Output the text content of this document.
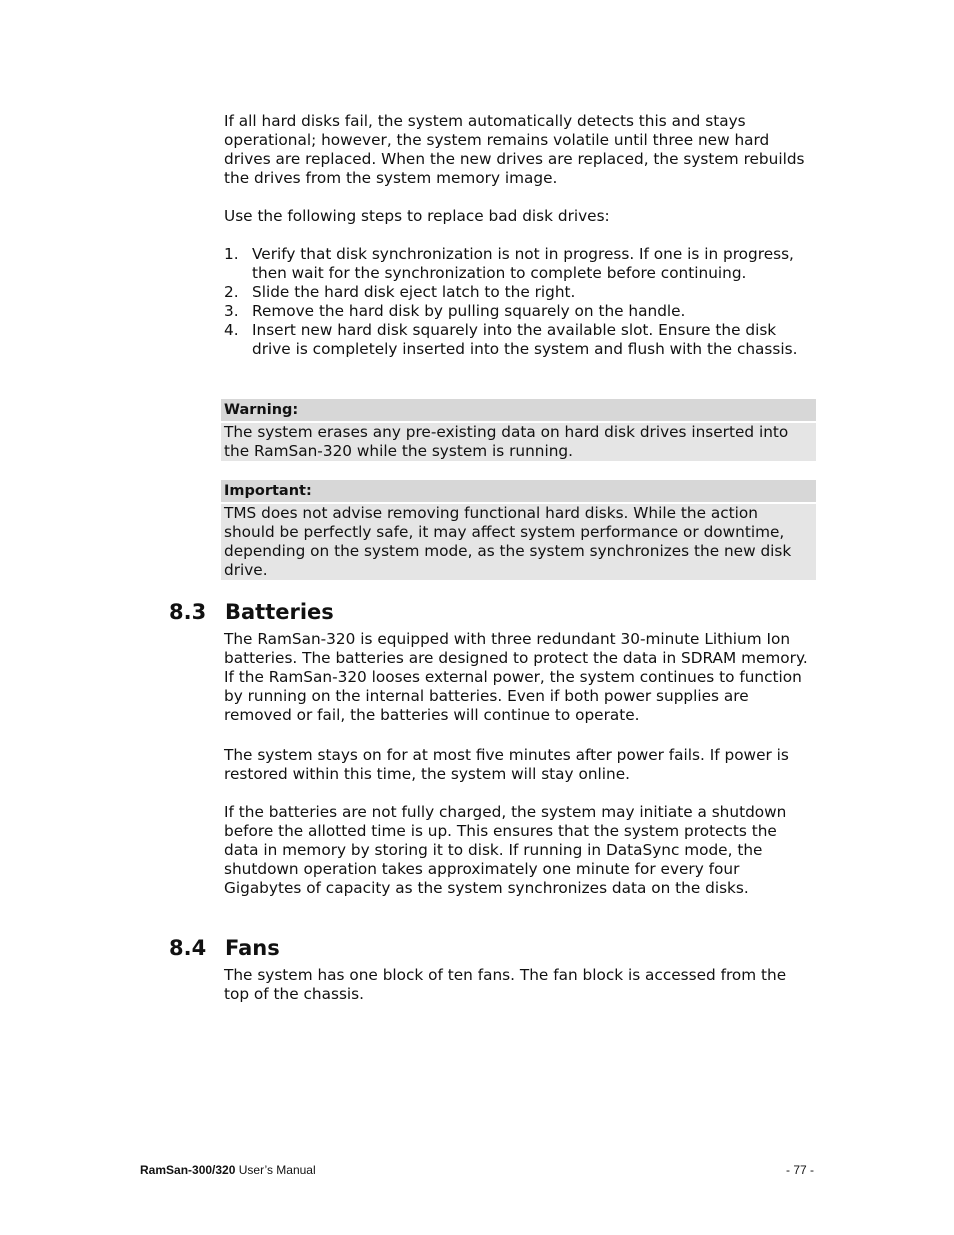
If all hard disks fail, the system automatically detects this and stays operational; however, the system remains volatile until three new hard drives are replaced. When the new drives are replaced, the system rebuilds the drives from the system memory image.

Use the following steps to replace bad disk drives:

1. Verify that disk synchronization is not in progress. If one is in progress, then wait for the synchronization to complete before continuing.
2. Slide the hard disk eject latch to the right.
3. Remove the hard disk by pulling squarely on the handle.
4. Insert new hard disk squarely into the available slot. Ensure the disk drive is completely inserted into the system and flush with the chassis.
Warning:
The system erases any pre-existing data on hard disk drives inserted into the RamSan-320 while the system is running.
Important:
TMS does not advise removing functional hard disks. While the action should be perfectly safe, it may affect system performance or downtime, depending on the system mode, as the system synchronizes the new disk drive.
8.3 Batteries

The RamSan-320 is equipped with three redundant 30-minute Lithium Ion batteries. The batteries are designed to protect the data in SDRAM memory. If the RamSan-320 looses external power, the system continues to function by running on the internal batteries. Even if both power supplies are removed or fail, the batteries will continue to operate.

The system stays on for at most five minutes after power fails. If power is restored within this time, the system will stay online.

If the batteries are not fully charged, the system may initiate a shutdown before the allotted time is up. This ensures that the system protects the data in memory by storing it to disk. If running in DataSync mode, the shutdown operation takes approximately one minute for every four Gigabytes of capacity as the system synchronizes data on the disks.

8.4 Fans

The system has one block of ten fans. The fan block is accessed from the top of the chassis.

RamSan-300/320 User’s Manual	- 77 -
